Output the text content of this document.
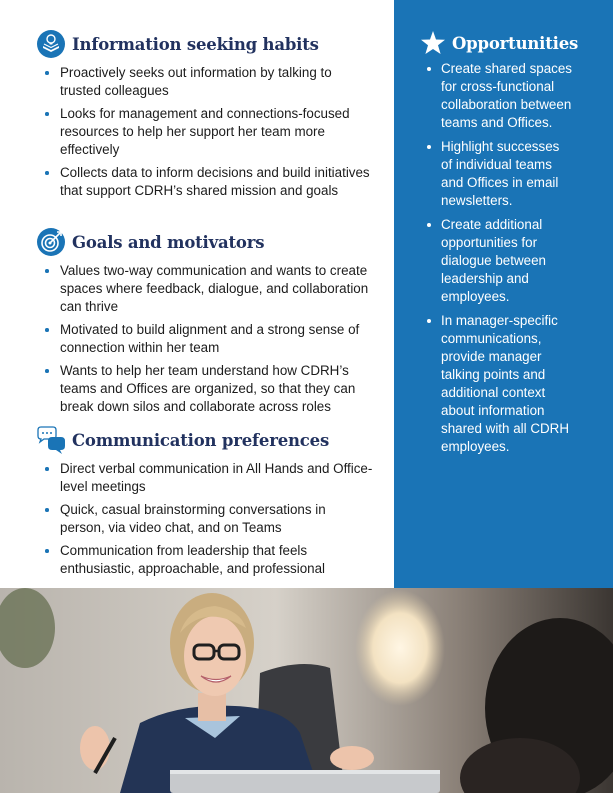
Information seeking habits
Proactively seeks out information by talking to trusted colleagues
Looks for management and connections-focused resources to help her support her team more effectively
Collects data to inform decisions and build initiatives that support CDRH’s shared mission and goals
Goals and motivators
Values two-way communication and wants to create spaces where feedback, dialogue, and collaboration can thrive
Motivated to build alignment and a strong sense of connection within her team
Wants to help her team understand how CDRH’s teams and Offices are organized, so that they can break down silos and collaborate across roles
Communication preferences
Direct verbal communication in All Hands and Office-level meetings
Quick, casual brainstorming conversations in person, via video chat, and on Teams
Communication from leadership that feels enthusiastic, approachable, and professional
Opportunities
Create shared spaces for cross-functional collaboration between teams and Offices.
Highlight successes of individual teams and Offices in email newsletters.
Create additional opportunities for dialogue between leadership and employees.
In manager-specific communications, provide manager talking points and additional context about information shared with all CDRH employees.
